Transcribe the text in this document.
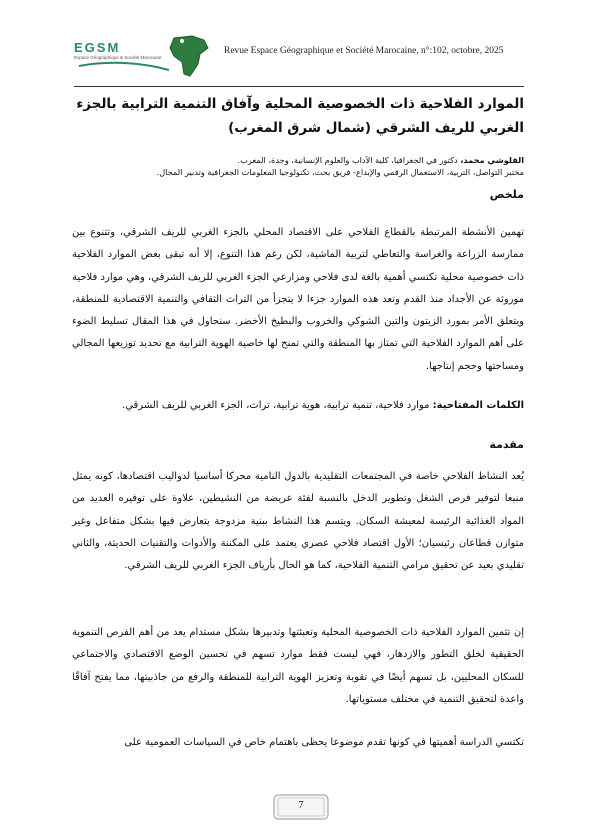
EGSM
Espace Géographique & Société Marocaine
Revue Espace Géographique et Société Marocaine, n°:102, octobre, 2025
الموارد الفلاحية ذات الخصوصية المحلية وآفاق التنمية الترابية بالجزء الغربي للريف الشرقي (شمال شرق المغرب)
القلوشي محمد، دكتور في الجغرافيا، كلية الآداب والعلوم الإنسانية، وجدة، المغرب.
مختبر التواصل، التربية، الاستعمال الرقمي والإبداع- فريق بحث، تكنولوجيا المعلومات الجغرافية وتدبير المجال.
ملخص
تهمين الأنشطة المرتبطة بالقطاع الفلاحي على الاقتصاد المحلي بالجزء الغربي للريف الشرقي، وتتنوع بين ممارسة الزراعة والغراسة والتعاطي لتربية الماشية، لكن رغم هذا التنوع، إلا أنه تبقى بعض الموارد الفلاحية ذات خصوصية محلية تكتسي أهمية بالغة لدى فلاحي ومزارعي الجزء الغربي للريف الشرقي، وهي موارد فلاحية موروثة عن الأجداد منذ القدم وتعد هذه الموارد جزءا لا يتجزأ من التراث الثقافي والتنمية الاقتصادية للمنطقة، ويتعلق الأمر بمورد الزيتون والتين الشوكي والخروب والبطيخ الأخضر. سنحاول في هذا المقال تسليط الضوء على أهم الموارد الفلاحية التي تمتاز بها المنطقة والتي تمنح لها خاصية الهوية الترابية مع تحديد توزيعها المجالي ومساحتها وحجم إنتاجها.
الكلمات المفتاحية: موارد فلاحية، تنمية ترابية، هوية ترابية، تراث، الجزء الغربي للريف الشرقي.
مقدمة
يُعد النشاط الفلاحي خاصة في المجتمعات التقليدية بالدول النامية محركا أساسيا لدواليب اقتصادها، كونه يمثل منبعا لتوفير فرص الشغل وتطوير الدخل بالنسبة لفئة عريضة من النشيطين، علاوة على توفيره العديد من المواد الغذائية الرئيسة لمعيشة السكان. ويتسم هذا النشاط ببنية مزدوجة يتعارض فيها بشكل متفاعل وغير متوازن قطاعان رئيسيان؛ الأول اقتصاد فلاحي عصري يعتمد على المكننة والأدوات والتقنيات الحديثة، والثاني تقليدي بعيد عن تحقيق مرامي التنمية الفلاحية، كما هو الحال بأرياف الجزء الغربي للريف الشرقي.
إن تثمين الموارد الفلاحية ذات الخصوصية المحلية وتعبئتها وتدبيرها بشكل مستدام يعد من أهم الفرص التنموية الحقيقية لخلق التطور والازدهار، فهي ليست فقط موارد تسهم في تحسين الوضع الاقتصادي والاجتماعي للسكان المحليين، بل تسهم أيضًا في تقوية وتعزيز الهوية الترابية للمنطقة والرفع من جاذبيتها، مما يفتح آفاقًا واعدة لتحقيق التنمية في مختلف مستوياتها.
تكتسي الدراسة أهميتها في كونها تقدم موضوعا يحظى باهتمام خاص في السياسات العمومية على
7
